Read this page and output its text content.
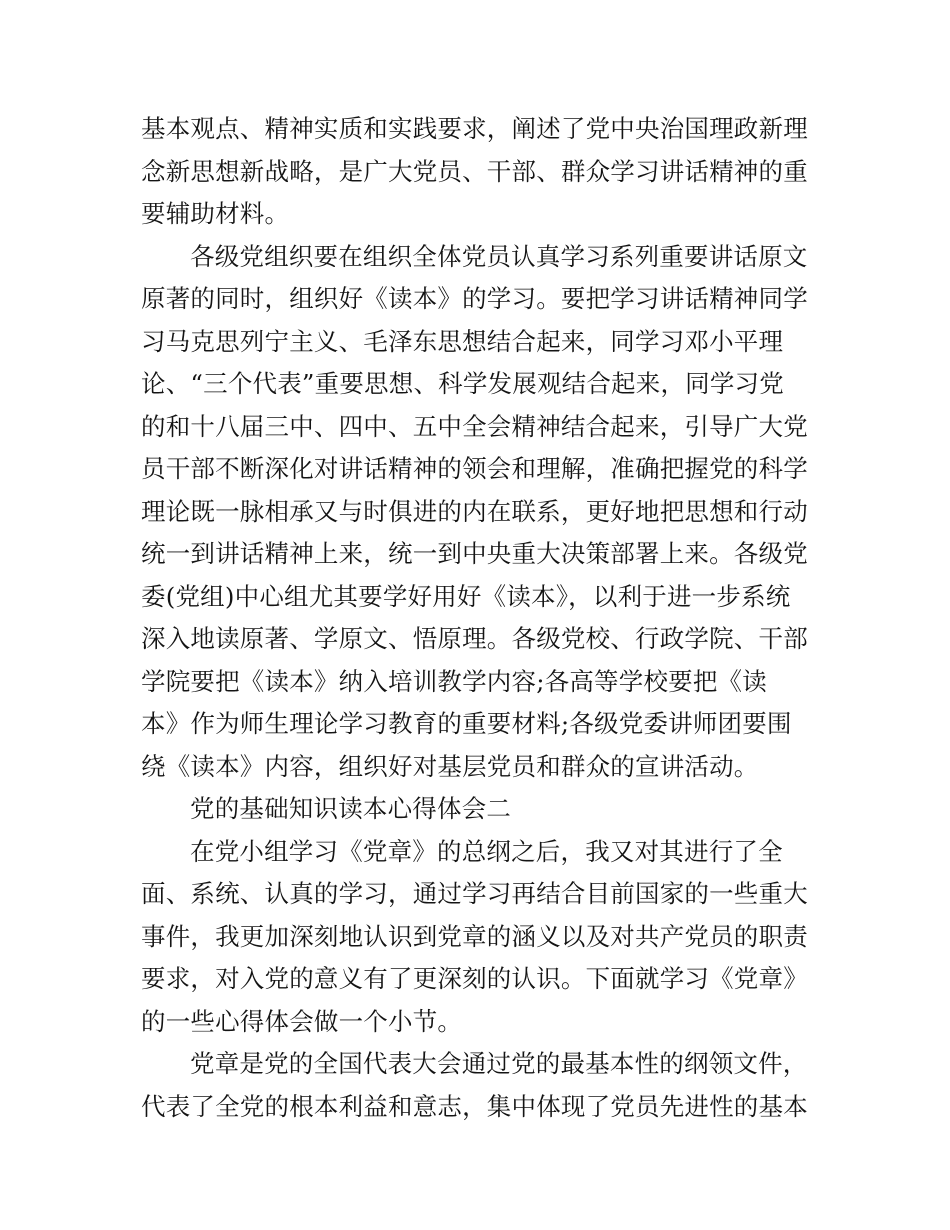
基本观点、精神实质和实践要求，阐述了党中央治国理政新理
念新思想新战略，是广大党员、干部、群众学习讲话精神的重
要辅助材料。
各级党组织要在组织全体党员认真学习系列重要讲话原文
原著的同时，组织好《读本》的学习。要把学习讲话精神同学
习马克思列宁主义、毛泽东思想结合起来，同学习邓小平理
论、“三个代表”重要思想、科学发展观结合起来，同学习党
的和十八届三中、四中、五中全会精神结合起来，引导广大党
员干部不断深化对讲话精神的领会和理解，准确把握党的科学
理论既一脉相承又与时俱进的内在联系，更好地把思想和行动
统一到讲话精神上来，统一到中央重大决策部署上来。各级党
委(党组)中心组尤其要学好用好《读本》，以利于进一步系统
深入地读原著、学原文、悟原理。各级党校、行政学院、干部
学院要把《读本》纳入培训教学内容;各高等学校要把《读
本》作为师生理论学习教育的重要材料;各级党委讲师团要围
绕《读本》内容，组织好对基层党员和群众的宣讲活动。
党的基础知识读本心得体会二
在党小组学习《党章》的总纲之后，我又对其进行了全
面、系统、认真的学习，通过学习再结合目前国家的一些重大
事件，我更加深刻地认识到党章的涵义以及对共产党员的职责
要求，对入党的意义有了更深刻的认识。下面就学习《党章》
的一些心得体会做一个小节。
党章是党的全国代表大会通过党的最基本性的纲领文件，
代表了全党的根本利益和意志，集中体现了党员先进性的基本
